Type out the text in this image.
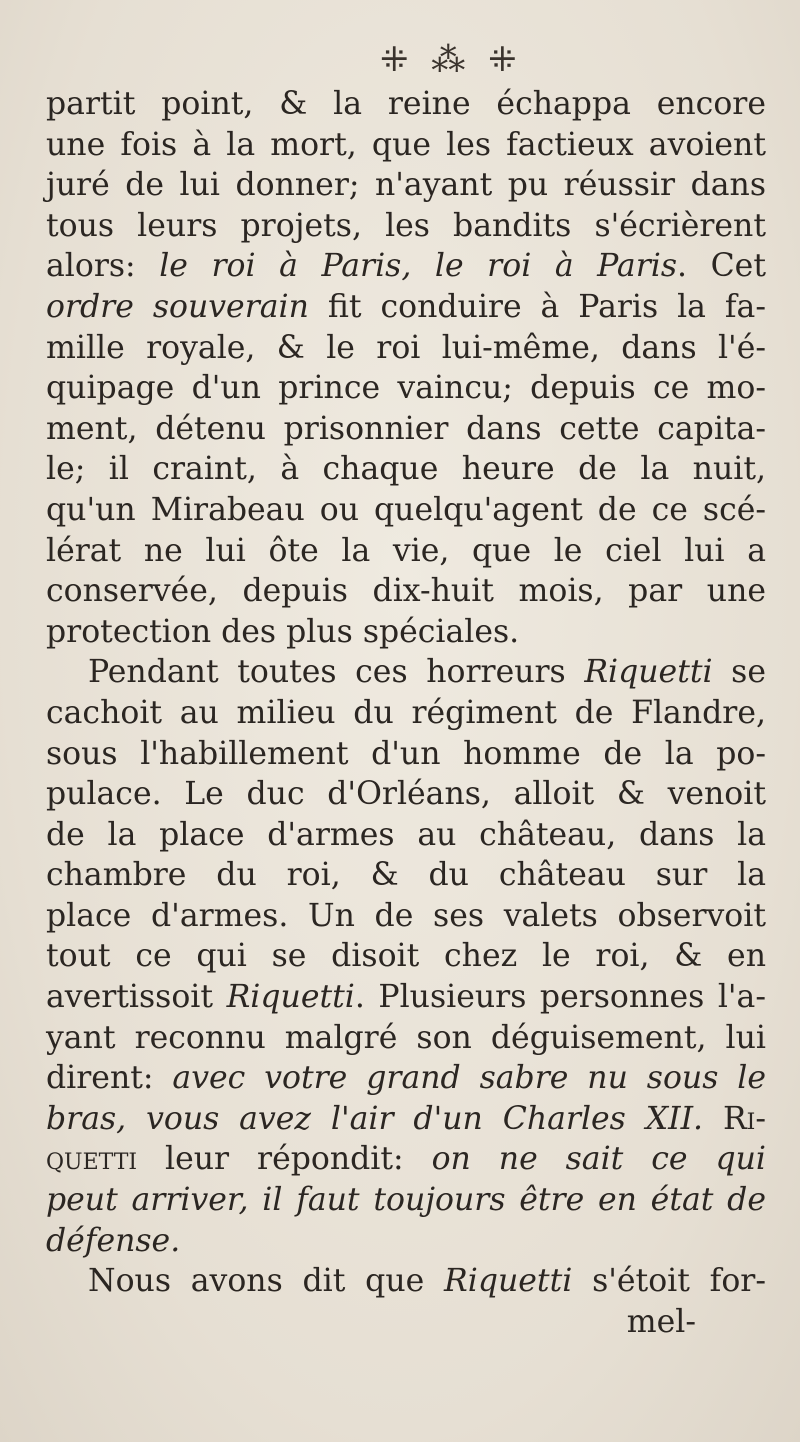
⁜ ⁂ ⁜
partit point, & la reine échappa encore
une fois à la mort, que les factieux avoient
juré de lui donner; n'ayant pu réussir dans
tous leurs projets, les bandits s'écrièrent
alors: le roi à Paris, le roi à Paris. Cet
ordre souverain fit conduire à Paris la fa-
mille royale, & le roi lui-même, dans l'é-
quipage d'un prince vaincu; depuis ce mo-
ment, détenu prisonnier dans cette capita-
le; il craint, à chaque heure de la nuit,
qu'un Mirabeau ou quelqu'agent de ce scé-
lérat ne lui ôte la vie, que le ciel lui a
conservée, depuis dix-huit mois, par une
protection des plus spéciales.
Pendant toutes ces horreurs Riquetti se
cachoit au milieu du régiment de Flandre,
sous l'habillement d'un homme de la po-
pulace. Le duc d'Orléans, alloit & venoit
de la place d'armes au château, dans la
chambre du roi, & du château sur la
place d'armes. Un de ses valets observoit
tout ce qui se disoit chez le roi, & en
avertissoit Riquetti. Plusieurs personnes l'a-
yant reconnu malgré son déguisement, lui
dirent: avec votre grand sabre nu sous le
bras, vous avez l'air d'un Charles XII. Ri-
quetti leur répondit: on ne sait ce qui
peut arriver, il faut toujours être en état de
défense.
Nous avons dit que Riquetti s'étoit for-
mel-
